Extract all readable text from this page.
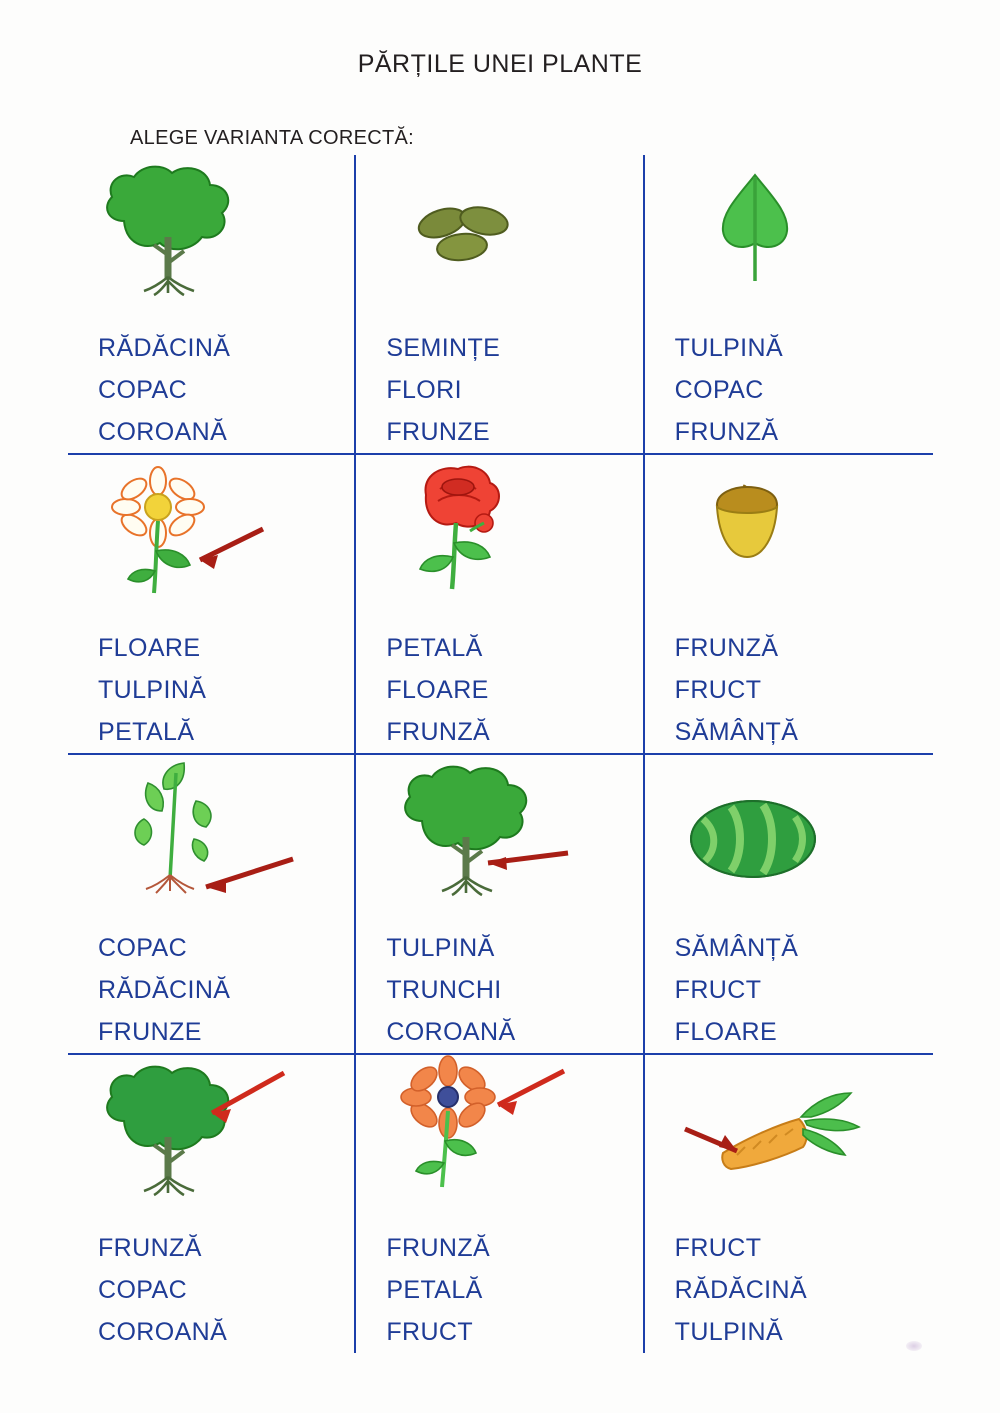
PĂRȚILE UNEI PLANTE
ALEGE VARIANTA CORECTĂ:
RĂDĂCINĂ
COPAC
COROANĂ
SEMINȚE
FLORI
FRUNZE
TULPINĂ
COPAC
FRUNZĂ
FLOARE
TULPINĂ
PETALĂ
PETALĂ
FLOARE
FRUNZĂ
FRUNZĂ
FRUCT
SĂMÂNȚĂ
COPAC
RĂDĂCINĂ
FRUNZE
TULPINĂ
TRUNCHI
COROANĂ
SĂMÂNȚĂ
FRUCT
FLOARE
FRUNZĂ
COPAC
COROANĂ
FRUNZĂ
PETALĂ
FRUCT
FRUCT
RĂDĂCINĂ
TULPINĂ
